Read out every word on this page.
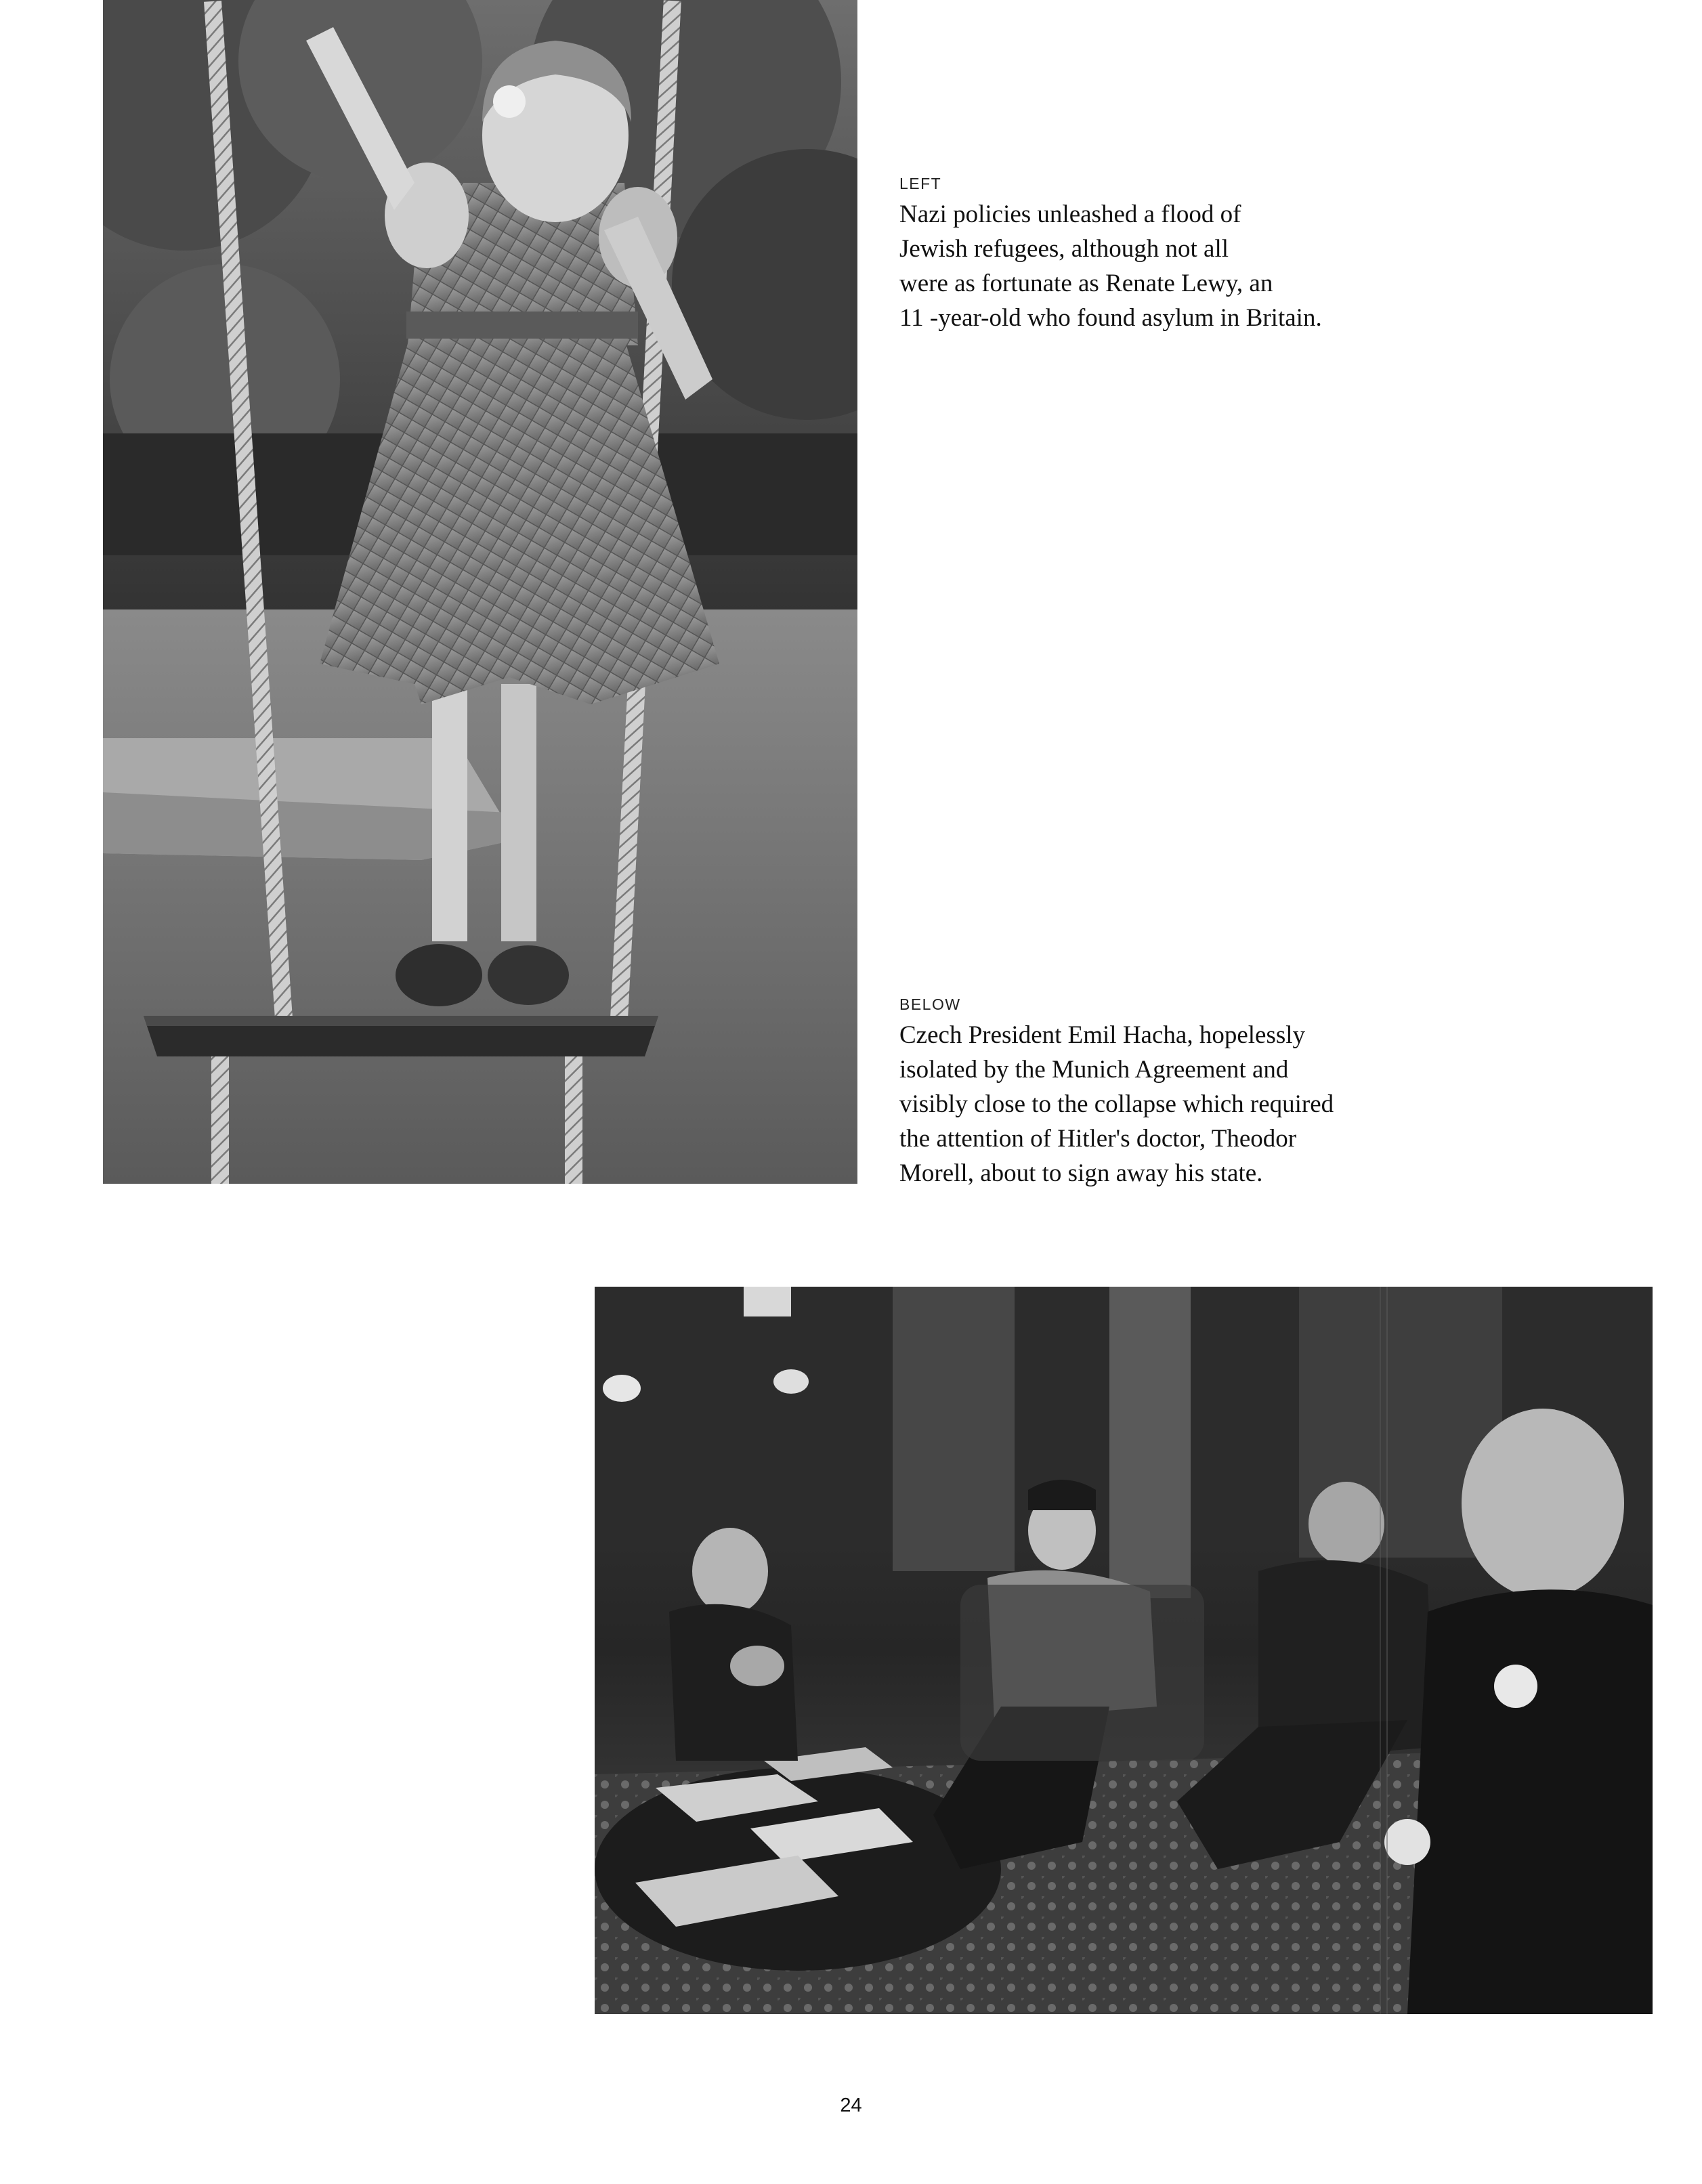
LEFT

Nazi policies unleashed a flood of

Jewish refugees, although not all

were as fortunate as Renate Lewy, an

11 -year-old who found asylum in Britain.

BELOW

Czech President Emil Hacha, hopelessly

isolated by the Munich Agreement and

visibly close to the collapse which required

the attention of Hitler's doctor, Theodor

Morell, about to sign away his state.

24
